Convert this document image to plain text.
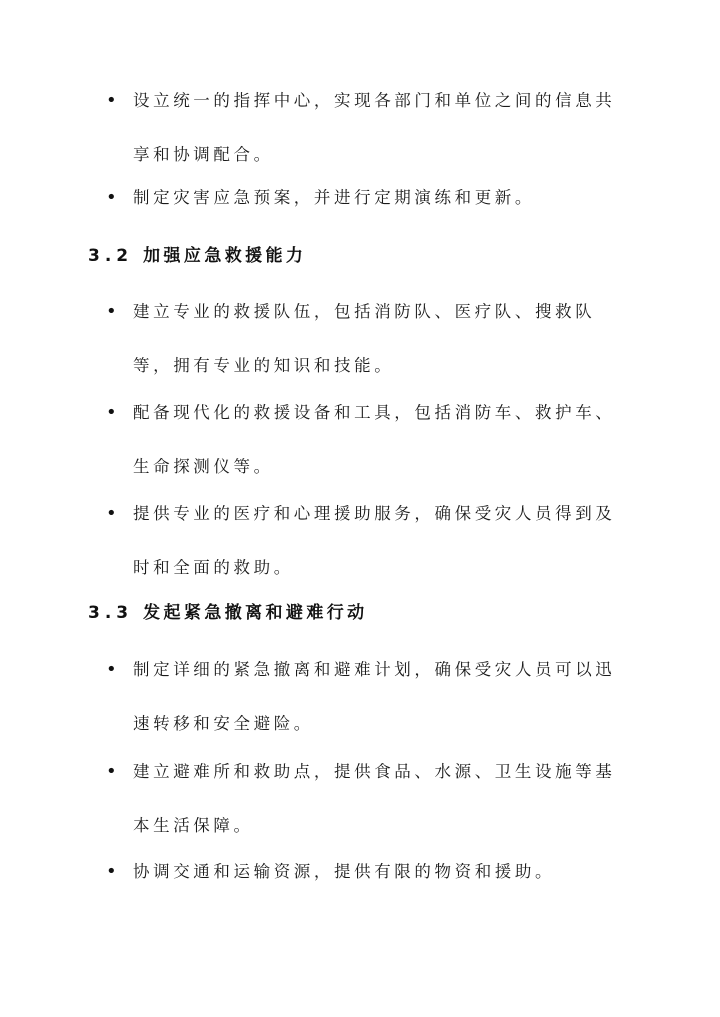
• 设立统一的指挥中心，实现各部门和单位之间的信息共享和协调配合。
• 制定灾害应急预案，并进行定期演练和更新。
3.2 加强应急救援能力
• 建立专业的救援队伍，包括消防队、医疗队、搜救队等，拥有专业的知识和技能。
• 配备现代化的救援设备和工具，包括消防车、救护车、生命探测仪等。
• 提供专业的医疗和心理援助服务，确保受灾人员得到及时和全面的救助。
3.3 发起紧急撤离和避难行动
• 制定详细的紧急撤离和避难计划，确保受灾人员可以迅速转移和安全避险。
• 建立避难所和救助点，提供食品、水源、卫生设施等基本生活保障。
• 协调交通和运输资源，提供有限的物资和援助。
